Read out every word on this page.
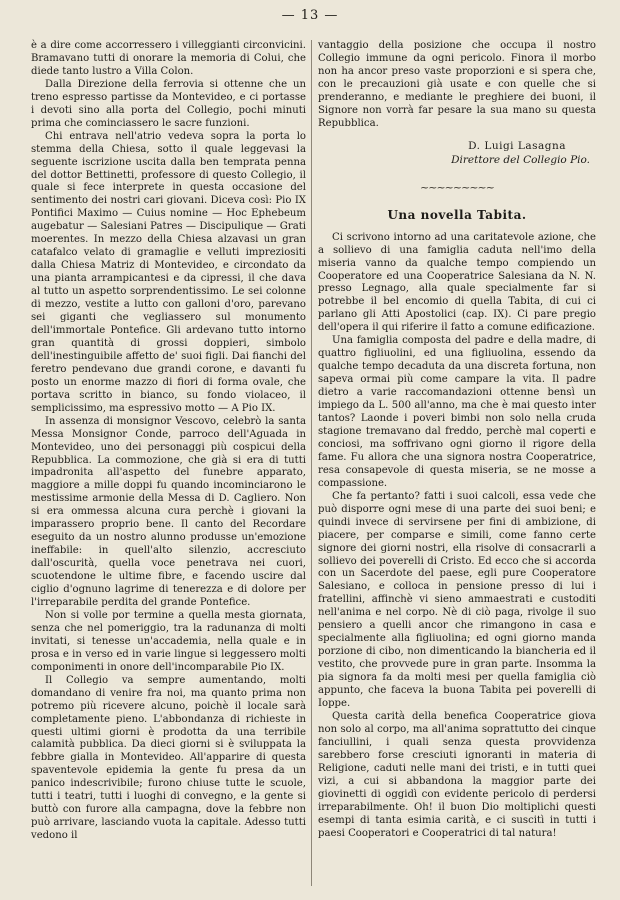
— 13 —

è a dire come accorressero i villeggianti circonvicini. Bramavano tutti di onorare la memoria di Colui, che diede tanto lustro a Villa Colon.

Dalla Direzione della ferrovia si ottenne che un treno espresso partisse da Montevideo, e ci portasse i devoti sino alla porta del Collegio, pochi minuti prima che cominciassero le sacre funzioni.

Chi entrava nell'atrio vedeva sopra la porta lo stemma della Chiesa, sotto il quale leggevasi la seguente iscrizione uscita dalla ben temprata penna del dottor Bettinetti, professore di questo Collegio, il quale si fece interprete in questa occasione del sentimento dei nostri cari giovani. Diceva così: Pio IX Pontifici Maximo — Cuius nomine — Hoc Ephebeum augebatur — Salesiani Patres — Discipulique — Grati moerentes. In mezzo della Chiesa alzavasi un gran catafalco velato di gramaglie e velluti impreziositi dalla Chiesa Matriz di Montevideo, e circondato da una pianta arrampicantesi e da cipressi, il che dava al tutto un aspetto sorprendentissimo. Le sei colonne di mezzo, vestite a lutto con galloni d'oro, parevano sei giganti che vegliassero sul monumento dell'immortale Pontefice. Gli ardevano tutto intorno gran quantità di grossi doppieri, simbolo dell'inestinguibile affetto de' suoi figli. Dai fianchi del feretro pendevano due grandi corone, e davanti fu posto un enorme mazzo di fiori di forma ovale, che portava scritto in bianco, su fondo violaceo, il semplicissimo, ma espressivo motto — A Pio IX.

In assenza di monsignor Vescovo, celebrò la santa Messa Monsignor Conde, parroco dell'Aguada in Montevideo, uno dei personaggi più cospicui della Repubblica. La commozione, che già si era di tutti impadronita all'aspetto del funebre apparato, maggiore a mille doppi fu quando incominciarono le mestissime armonie della Messa di D. Cagliero. Non si era ommessa alcuna cura perchè i giovani la imparassero proprio bene. Il canto del Recordare eseguito da un nostro alunno produsse un'emozione ineffabile: in quell'alto silenzio, accresciuto dall'oscurità, quella voce penetrava nei cuori, scuotendone le ultime fibre, e facendo uscire dal ciglio d'ognuno lagrime di tenerezza e di dolore per l'irreparabile perdita del grande Pontefice.

Non si volle por termine a quella mesta giornata, senza che nel pomeriggio, tra la radunanza di molti invitati, si tenesse un'accademia, nella quale e in prosa e in verso ed in varie lingue si leggessero molti componimenti in onore dell'incomparabile Pio IX.

Il Collegio va sempre aumentando, molti domandano di venire fra noi, ma quanto prima non potremo più ricevere alcuno, poichè il locale sarà completamente pieno. L'abbondanza di richieste in questi ultimi giorni è prodotta da una terribile calamità pubblica. Da dieci giorni si è sviluppata la febbre gialla in Montevideo. All'apparire di questa spaventevole epidemia la gente fu presa da un panico indescrivibile; furono chiuse tutte le scuole, tutti i teatri, tutti i luoghi di convegno, e la gente si buttò con furore alla campagna, dove la febbre non può arrivare, lasciando vuota la capitale. Adesso tutti vedono il

vantaggio della posizione che occupa il nostro Collegio immune da ogni pericolo. Finora il morbo non ha ancor preso vaste proporzioni e si spera che, con le precauzioni già usate e con quelle che si prenderanno, e mediante le preghiere dei buoni, il Signore non vorrà far pesare la sua mano su questa Repubblica.

D. Luigi Lasagna
Direttore del Collegio Pio.
~~~~~~~~~
Una novella Tabita.

Ci scrivono intorno ad una caritatevole azione, che a sollievo di una famiglia caduta nell'imo della miseria vanno da qualche tempo compiendo un Cooperatore ed una Cooperatrice Salesiana da N. N. presso Legnago, alla quale specialmente far si potrebbe il bel encomio di quella Tabita, di cui ci parlano gli Atti Apostolici (cap. IX). Ci pare pregio dell'opera il qui riferire il fatto a comune edificazione.

Una famiglia composta del padre e della madre, di quattro figliuolini, ed una figliuolina, essendo da qualche tempo decaduta da una discreta fortuna, non sapeva ormai più come campare la vita. Il padre dietro a varie raccomandazioni ottenne bensì un impiego da L. 500 all'anno, ma che è mai questo inter tantos? Laonde i poveri bimbi non solo nella cruda stagione tremavano dal freddo, perchè mal coperti e conciosi, ma soffrivano ogni giorno il rigore della fame. Fu allora che una signora nostra Cooperatrice, resa consapevole di questa miseria, se ne mosse a compassione.

Che fa pertanto? fatti i suoi calcoli, essa vede che può disporre ogni mese di una parte dei suoi beni; e quindi invece di servirsene per fini di ambizione, di piacere, per comparse e simili, come fanno certe signore dei giorni nostri, ella risolve di consacrarli a sollievo dei poverelli di Cristo. Ed ecco che si accorda con un Sacerdote del paese, egli pure Cooperatore Salesiano, e colloca in pensione presso di lui i fratellini, affinchè vi sieno ammaestrati e custoditi nell'anima e nel corpo. Nè di ciò paga, rivolge il suo pensiero a quelli ancor che rimangono in casa e specialmente alla figliuolina; ed ogni giorno manda porzione di cibo, non dimenticando la biancheria ed il vestito, che provvede pure in gran parte. Insomma la pia signora fa da molti mesi per quella famiglia ciò appunto, che faceva la buona Tabita pei poverelli di Ioppe.

Questa carità della benefica Cooperatrice giova non solo al corpo, ma all'anima soprattutto dei cinque fanciullini, i quali senza questa provvidenza sarebbero forse cresciuti ignoranti in materia di Religione, caduti nelle mani dei tristi, e in tutti quei vizi, a cui si abbandona la maggior parte dei giovinetti di oggidì con evidente pericolo di perdersi irreparabilmente. Oh! il buon Dio moltiplichi questi esempi di tanta esimia carità, e ci suscitì in tutti i paesi Cooperatori e Cooperatrici di tal natura!
